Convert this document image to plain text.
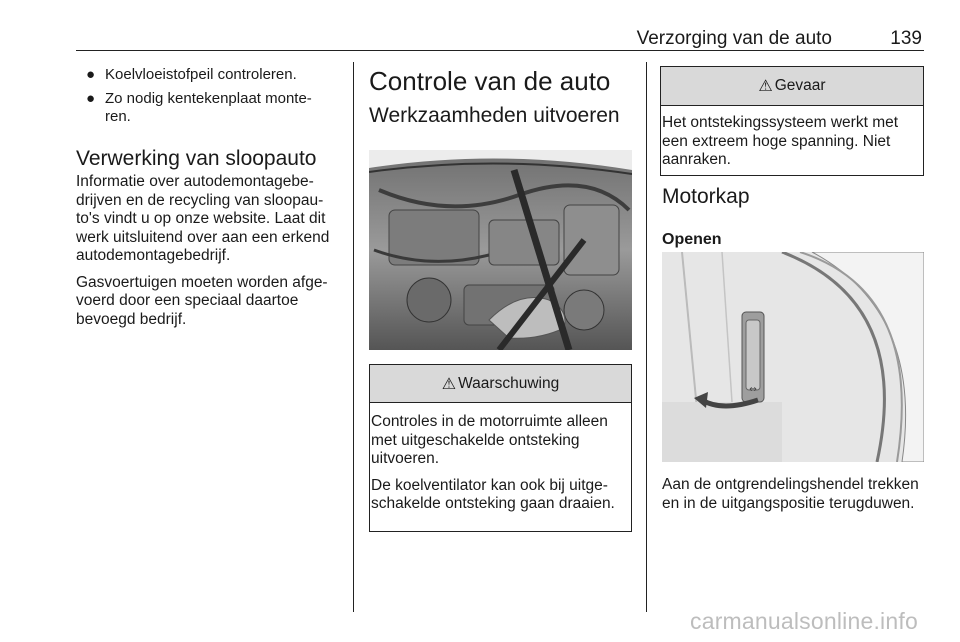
Verzorging van de auto	139
● Koelvloeistofpeil controleren.
● Zo nodig kentekenplaat monte-ren.
Verwerking van sloopauto

Informatie over autodemontagebe-drijven en de recycling van sloopau-to's vindt u op onze website. Laat dit werk uitsluitend over aan een erkend autodemontagebedrijf.

Gasvoertuigen moeten worden afge-voerd door een speciaal daartoe bevoegd bedrijf.

Controle van de auto
Werkzaamheden uitvoeren
⚠ Waarschuwing

Controles in de motorruimte alleen met uitgeschakelde ontsteking uitvoeren.

De koelventilator kan ook bij uitge-schakelde ontsteking gaan draaien.

⚠ Gevaar

Het ontstekingssysteem werkt met een extreem hoge spanning. Niet aanraken.

Motorkap
Openen
⇔

Aan de ontgrendelingshendel trekken en in de uitgangspositie terugduwen.

carmanualsonline.info
